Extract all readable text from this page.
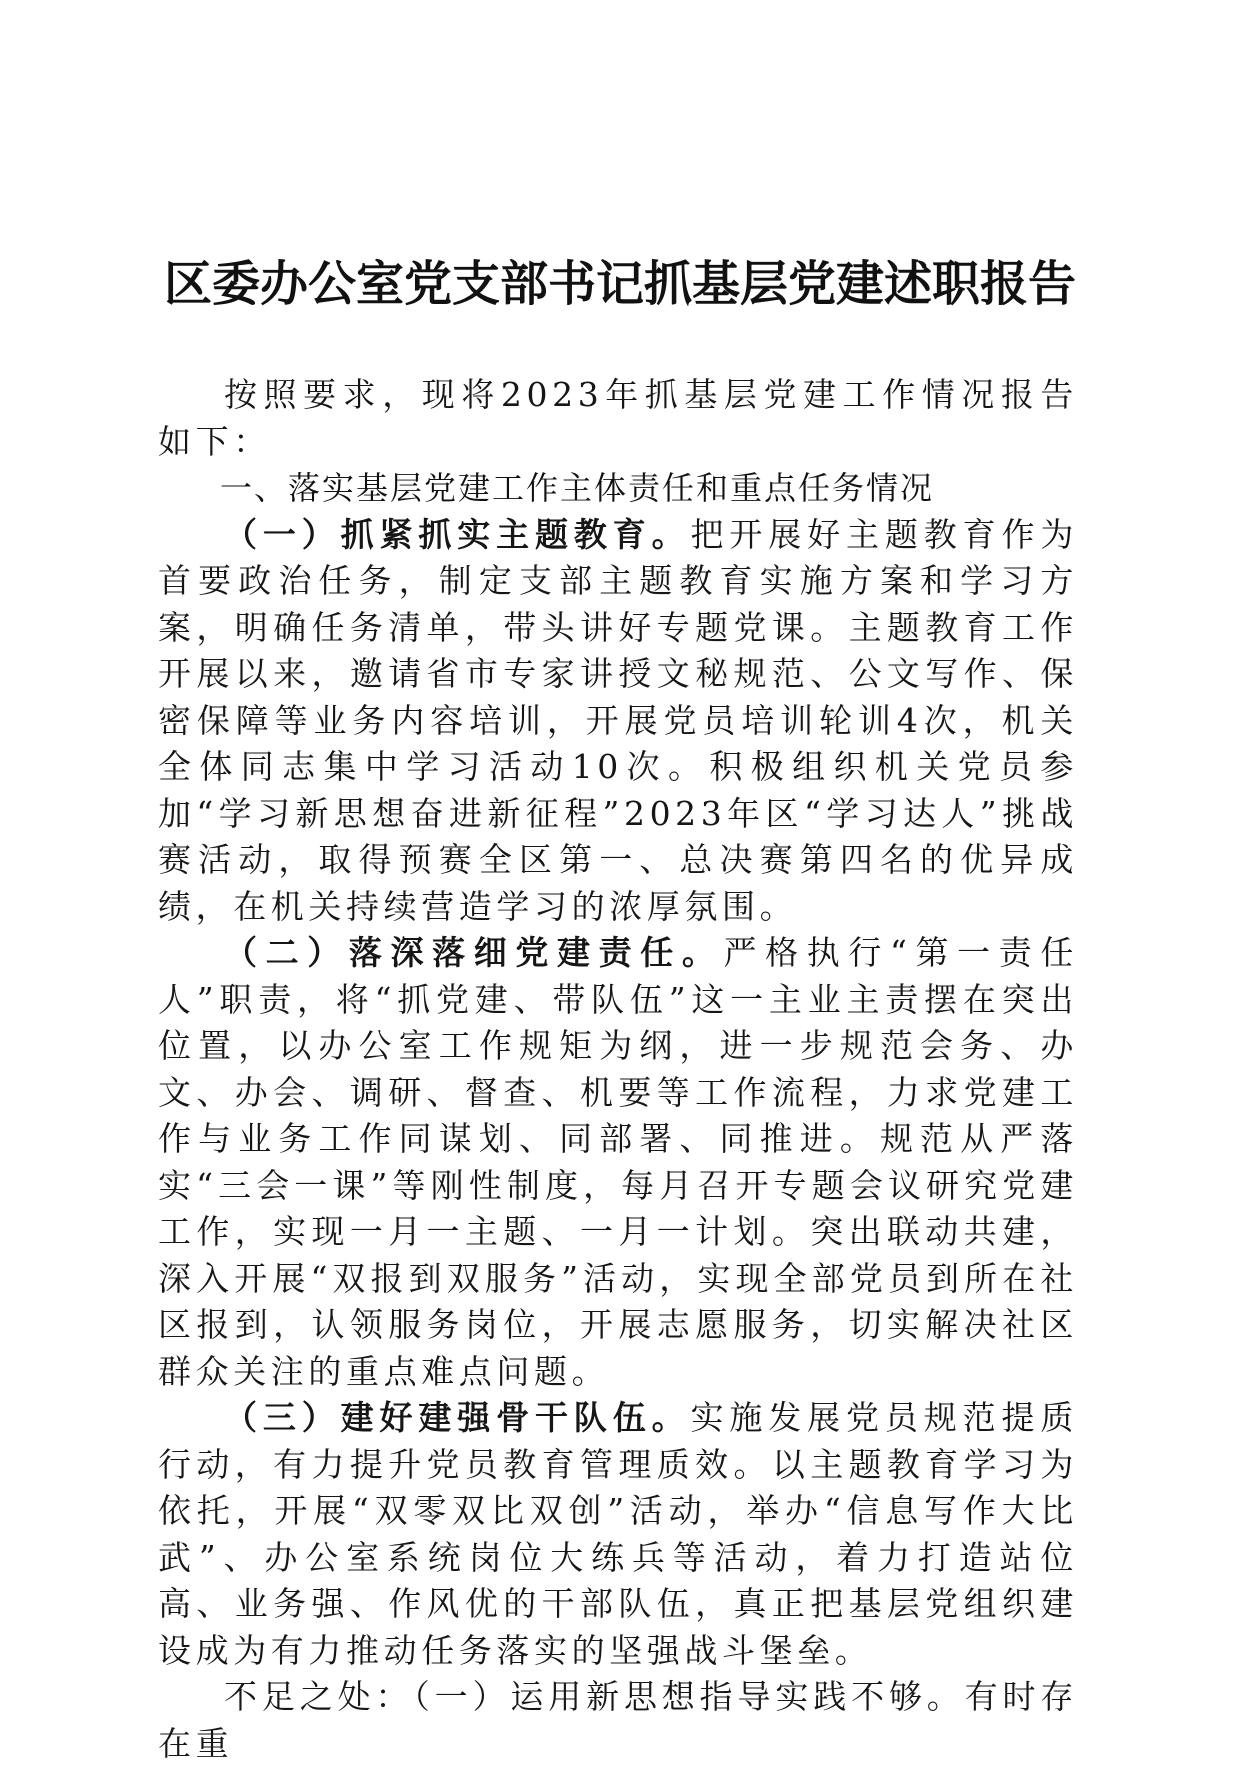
区委办公室党支部书记抓基层党建述职报告

按照要求，现将2023年抓基层党建工作情况报告如下：

一、落实基层党建工作主体责任和重点任务情况

（一）抓紧抓实主题教育。把开展好主题教育作为首要政治任务，制定支部主题教育实施方案和学习方案，明确任务清单，带头讲好专题党课。主题教育工作开展以来，邀请省市专家讲授文秘规范、公文写作、保密保障等业务内容培训，开展党员培训轮训4次，机关全体同志集中学习活动10次。积极组织机关党员参加“学习新思想奋进新征程”2023年区“学习达人”挑战赛活动，取得预赛全区第一、总决赛第四名的优异成绩，在机关持续营造学习的浓厚氛围。

（二）落深落细党建责任。严格执行“第一责任人”职责，将“抓党建、带队伍”这一主业主责摆在突出位置，以办公室工作规矩为纲，进一步规范会务、办文、办会、调研、督查、机要等工作流程，力求党建工作与业务工作同谋划、同部署、同推进。规范从严落实“三会一课”等刚性制度，每月召开专题会议研究党建工作，实现一月一主题、一月一计划。突出联动共建，深入开展“双报到双服务”活动，实现全部党员到所在社区报到，认领服务岗位，开展志愿服务，切实解决社区群众关注的重点难点问题。

（三）建好建强骨干队伍。实施发展党员规范提质行动，有力提升党员教育管理质效。以主题教育学习为依托，开展“双零双比双创”活动，举办“信息写作大比武”、办公室系统岗位大练兵等活动，着力打造站位高、业务强、作风优的干部队伍，真正把基层党组织建设成为有力推动任务落实的坚强战斗堡垒。

不足之处：（一）运用新思想指导实践不够。有时存在重
